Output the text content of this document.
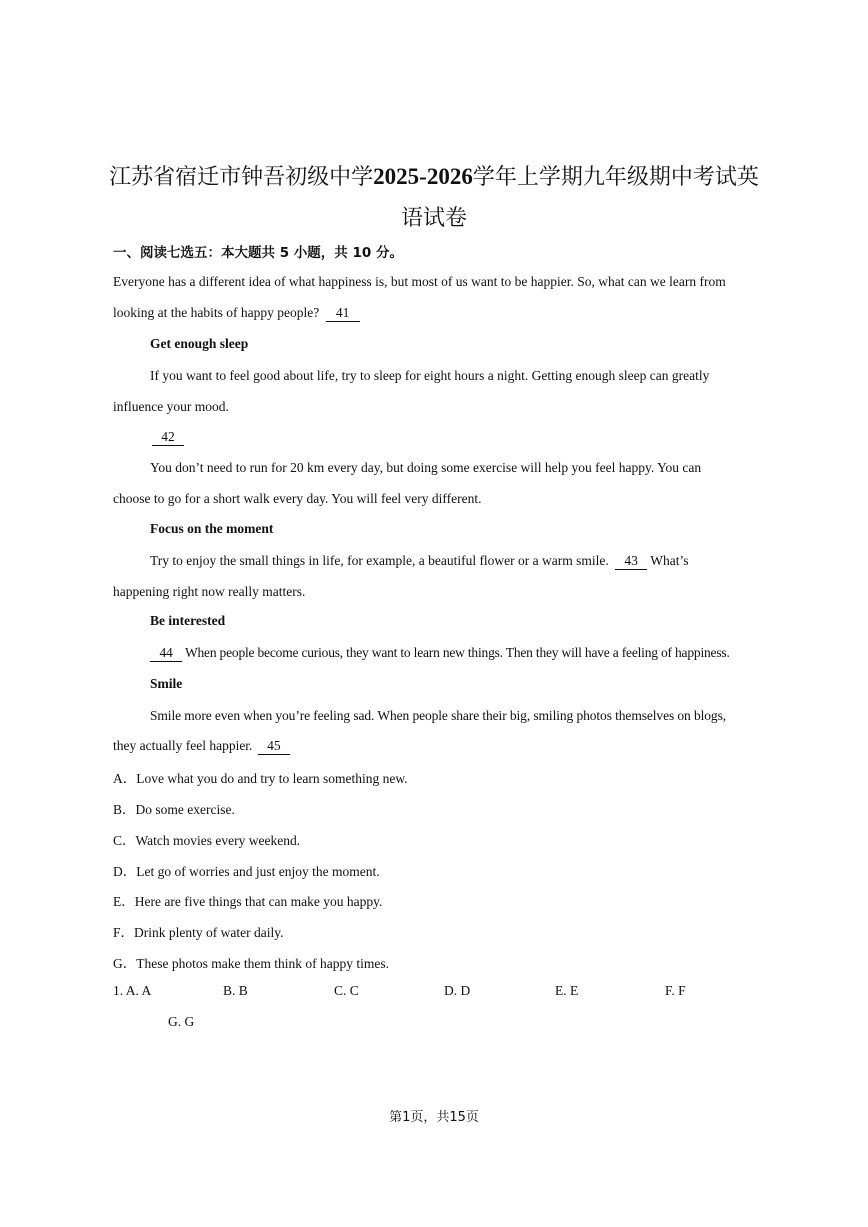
江苏省宿迁市钟吾初级中学2025-2026学年上学期九年级期中考试英
语试卷
一、阅读七选五：本大题共 5 小题，共 10 分。
Everyone has a different idea of what happiness is, but most of us want to be happier. So, what can we learn from
looking at the habits of happy people? 41
Get enough sleep
If you want to feel good about life, try to sleep for eight hours a night. Getting enough sleep can greatly
influence your mood.
42
You don’t need to run for 20 km every day, but doing some exercise will help you feel happy. You can
choose to go for a short walk every day. You will feel very different.
Focus on the moment
Try to enjoy the small things in life, for example, a beautiful flower or a warm smile. 43 What’s
happening right now really matters.
Be interested
44 When people become curious, they want to learn new things. Then they will have a feeling of happiness.
Smile
Smile more even when you’re feeling sad. When people share their big, smiling photos themselves on blogs,
they actually feel happier. 45
A．Love what you do and try to learn something new.
B．Do some exercise.
C．Watch movies every weekend.
D．Let go of worries and just enjoy the moment.
E．Here are five things that can make you happy.
F．Drink plenty of water daily.
G．These photos make them think of happy times.
1. A. A	B. B	C. C	D. D	E. E	F. F
G. G
第1页，共15页
